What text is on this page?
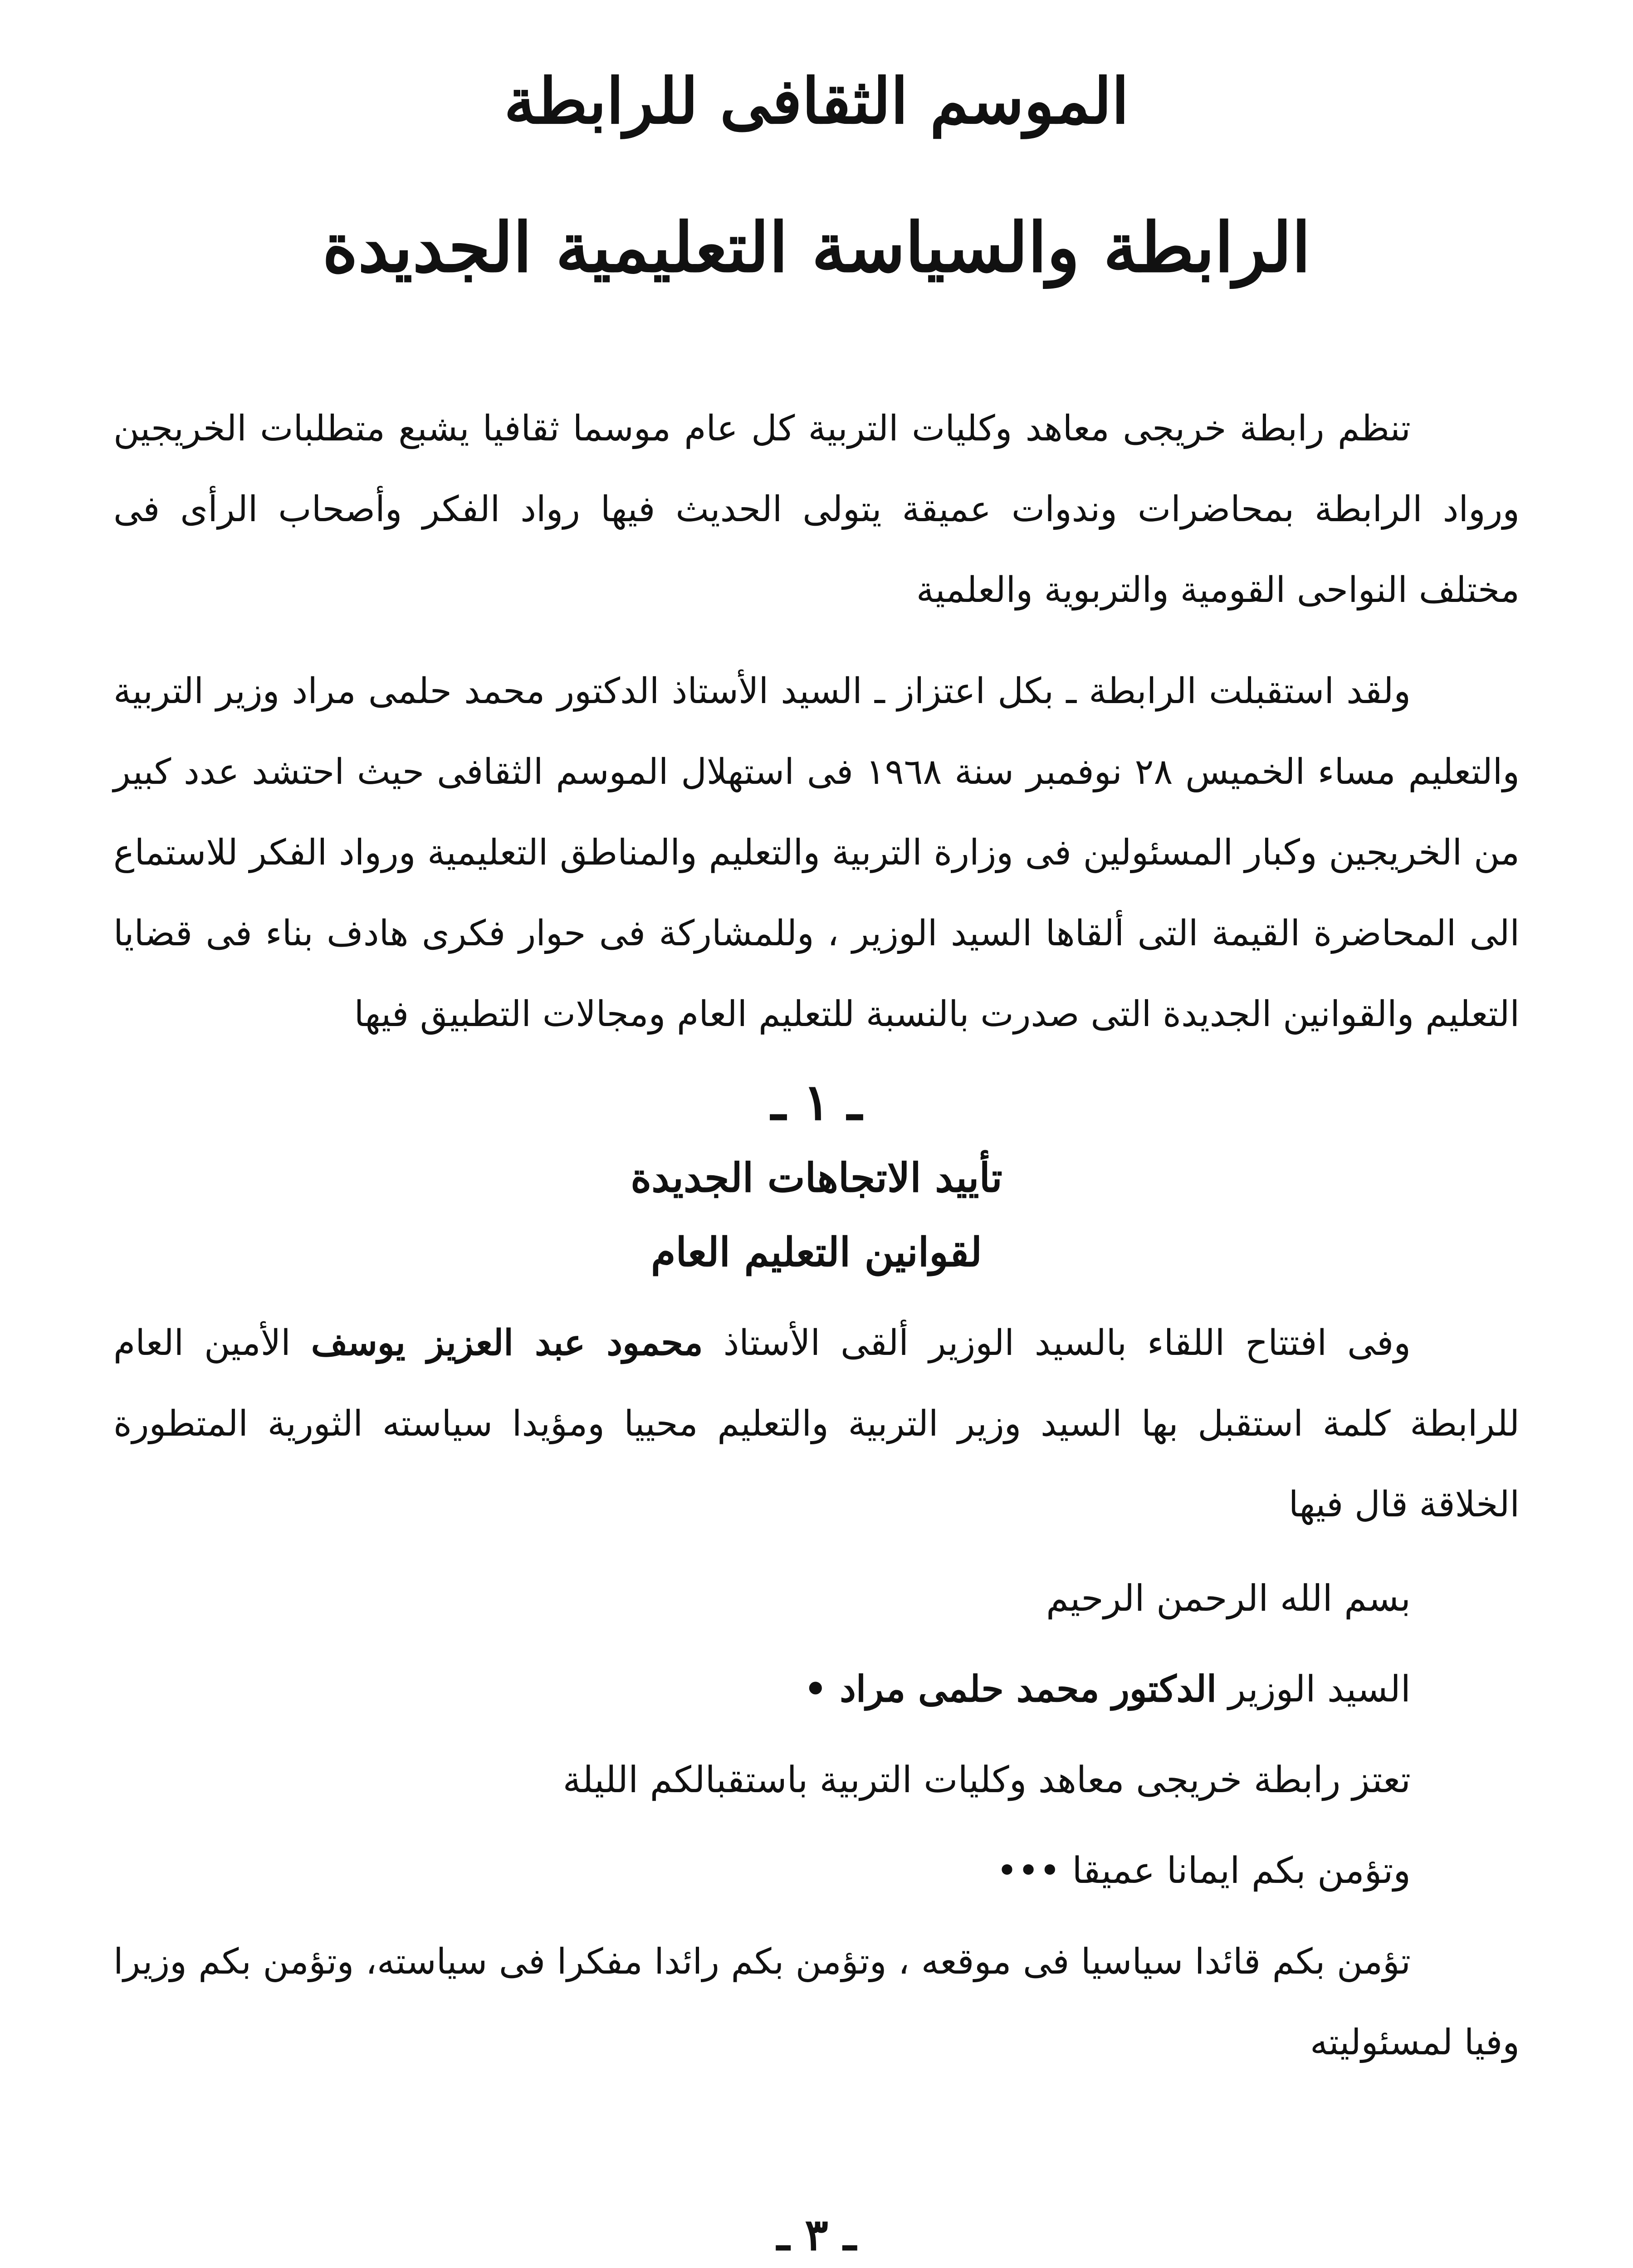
الموسم الثقافى للرابطة
الرابطة والسياسة التعليمية الجديدة

تنظم رابطة خريجى معاهد وكليات التربية كل عام موسما ثقافيا يشبع متطلبات الخريجين ورواد الرابطة بمحاضرات وندوات عميقة يتولى الحديث فيها رواد الفكر وأصحاب الرأى فى مختلف النواحى القومية والتربوية والعلمية

ولقد استقبلت الرابطة ـ بكل اعتزاز ـ السيد الأستاذ الدكتور محمد حلمى مراد وزير التربية والتعليم مساء الخميس ٢٨ نوفمبر سنة ١٩٦٨ فى استهلال الموسم الثقافى حيث احتشد عدد كبير من الخريجين وكبار المسئولين فى وزارة التربية والتعليم والمناطق التعليمية ورواد الفكر للاستماع الى المحاضرة القيمة التى ألقاها السيد الوزير ، وللمشاركة فى حوار فكرى هادف بناء فى قضايا التعليم والقوانين الجديدة التى صدرت بالنسبة للتعليم العام ومجالات التطبيق فيها

ـ ١ ـ
تأييد الاتجاهات الجديدة
لقوانين التعليم العام

وفى افتتاح اللقاء بالسيد الوزير ألقى الأستاذ محمود عبد العزيز يوسف الأمين العام للرابطة كلمة استقبل بها السيد وزير التربية والتعليم محييا ومؤيدا سياسته الثورية المتطورة الخلاقة قال فيها

بسم الله الرحمن الرحيم

السيد الوزير الدكتور محمد حلمى مراد •

تعتز رابطة خريجى معاهد وكليات التربية باستقبالكم الليلة

وتؤمن بكم ايمانا عميقا •••

تؤمن بكم قائدا سياسيا فى موقعه ، وتؤمن بكم رائدا مفكرا فى سياسته، وتؤمن بكم وزيرا وفيا لمسئوليته

ـ ٣ ـ
